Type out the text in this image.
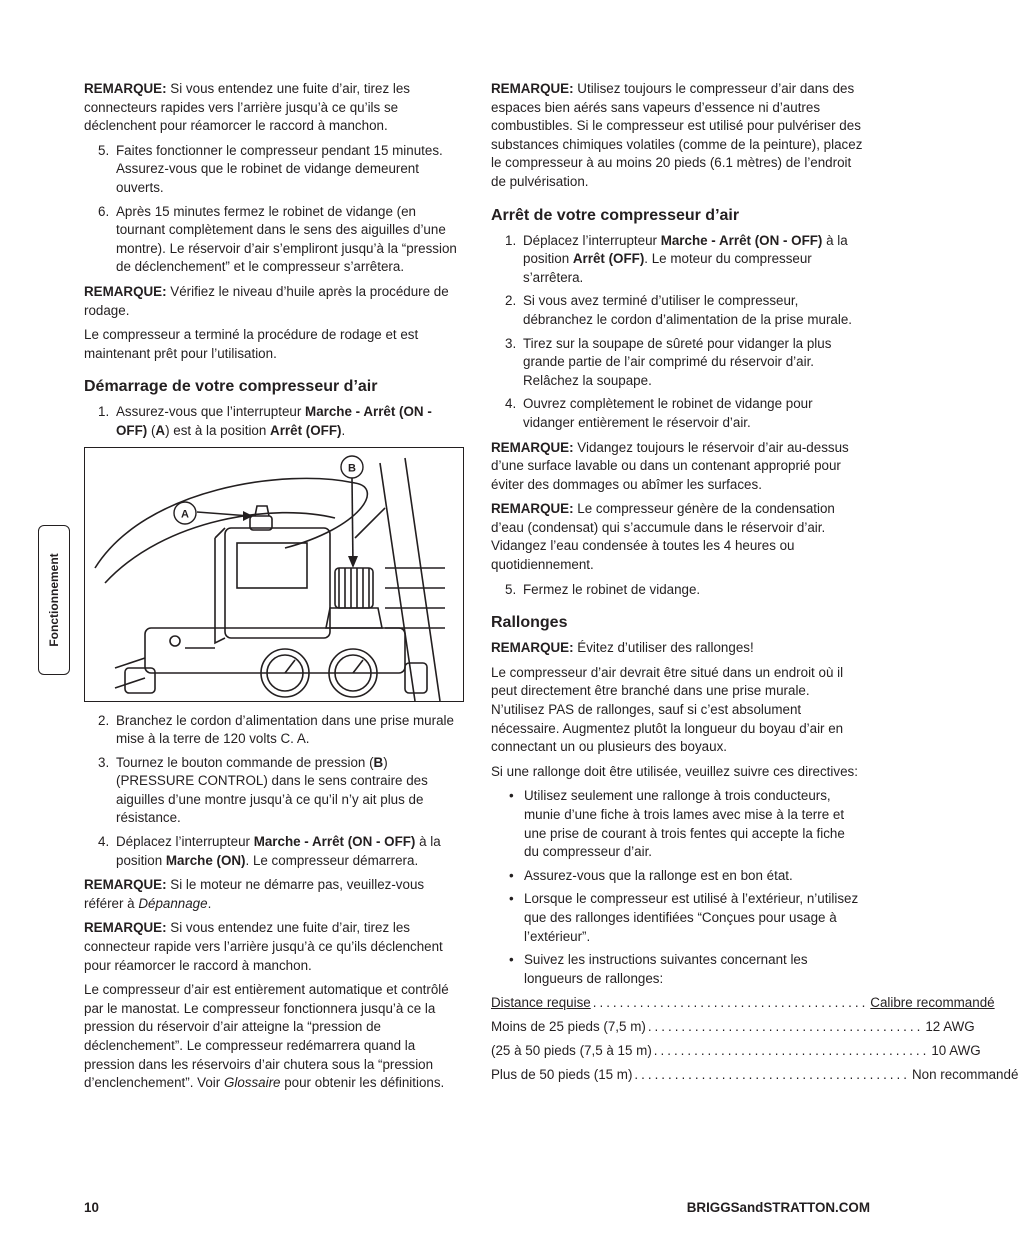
Fonctionnement

REMARQUE: Si vous entendez une fuite d’air, tirez les connecteurs rapides vers l’arrière jusqu’à ce qu’ils se déclenchent pour réamorcer le raccord à manchon.

5. Faites fonctionner le compresseur pendant 15 minutes. Assurez-vous que le robinet de vidange demeurent ouverts.
6. Après 15 minutes fermez le robinet de vidange (en tournant complètement dans le sens des aiguilles d’une montre). Le réservoir d’air s’empliront jusqu’à la “pression de déclenchement” et le compresseur s’arrêtera.

REMARQUE: Vérifiez le niveau d’huile après la procédure de rodage.

Le compresseur a terminé la procédure de rodage et est maintenant prêt pour l’utilisation.

Démarrage de votre compresseur d’air
1. Assurez-vous que l’interrupteur Marche - Arrêt (ON - OFF) (A) est à la position Arrêt (OFF).
A
B
2. Branchez le cordon d’alimentation dans une prise murale mise à la terre de 120 volts C. A.
3. Tournez le bouton commande de pression (B) (PRESSURE CONTROL) dans le sens contraire des aiguilles d’une montre jusqu’à ce qu’il n’y ait plus de résistance.
4. Déplacez l’interrupteur Marche - Arrêt (ON - OFF) à la position Marche (ON). Le compresseur démarrera.

REMARQUE: Si le moteur ne démarre pas, veuillez-vous référer à Dépannage.

REMARQUE: Si vous entendez une fuite d’air, tirez les connecteur rapide vers l’arrière jusqu’à ce qu’ils déclenchent pour réamorcer le raccord à manchon.

Le compresseur d’air est entièrement automatique et contrôlé par le manostat. Le compresseur fonctionnera jusqu’à ce la pression du réservoir d’air atteigne la “pression de déclenchement”. Le compresseur redémarrera quand la pression dans les réservoirs d’air chutera sous la “pression d’enclenchement”. Voir Glossaire pour obtenir les définitions.

REMARQUE: Utilisez toujours le compresseur d’air dans des espaces bien aérés sans vapeurs d’essence ni d’autres combustibles. Si le compresseur est utilisé pour pulvériser des substances chimiques volatiles (comme de la peinture), placez le compresseur à au moins 20 pieds (6.1 mètres) de l’endroit de pulvérisation.

Arrêt de votre compresseur d’air
1. Déplacez l’interrupteur Marche - Arrêt (ON - OFF) à la position Arrêt (OFF). Le moteur du compresseur s’arrêtera.
2. Si vous avez terminé d’utiliser le compresseur, débranchez le cordon d’alimentation de la prise murale.
3. Tirez sur la soupape de sûreté pour vidanger la plus grande partie de l’air comprimé du réservoir d’air. Relâchez la soupape.
4. Ouvrez complètement le robinet de vidange pour vidanger entièrement le réservoir d’air.

REMARQUE: Vidangez toujours le réservoir d’air au-dessus d’une surface lavable ou dans un contenant approprié pour éviter des dommages ou abîmer les surfaces.

REMARQUE: Le compresseur génère de la condensation d’eau (condensat) qui s’accumule dans le réservoir d’air. Vidangez l’eau condensée à toutes les 4 heures ou quotidiennement.

5. Fermez le robinet de vidange.
Rallonges

REMARQUE: Évitez d’utiliser des rallonges!

Le compresseur d’air devrait être situé dans un endroit où il peut directement être branché dans une prise murale. N’utilisez PAS de rallonges, sauf si c’est absolument nécessaire. Augmentez plutôt la longueur du boyau d’air en connectant un ou plusieurs des boyaux.

Si une rallonge doit être utilisée, veuillez suivre ces directives:

• Utilisez seulement une rallonge à trois conducteurs, munie d’une fiche à trois lames avec mise à la terre et une prise de courant à trois fentes qui accepte la fiche du compresseur d’air.
• Assurez-vous que la rallonge est en bon état.
• Lorsque le compresseur est utilisé à l’extérieur, n’utilisez que des rallonges identifiées “Conçues pour usage à l’extérieur”.
• Suivez les instructions suivantes concernant les longueurs de rallonges:
Distance requise ......................................... Calibre recommandé
Moins de 25 pieds (7,5 m) ......................................... 12 AWG
(25 à 50 pieds (7,5 à 15 m) ......................................... 10 AWG
Plus de 50 pieds (15 m) ......................................... Non recommandé
10	BRIGGSandSTRATTON.COM
